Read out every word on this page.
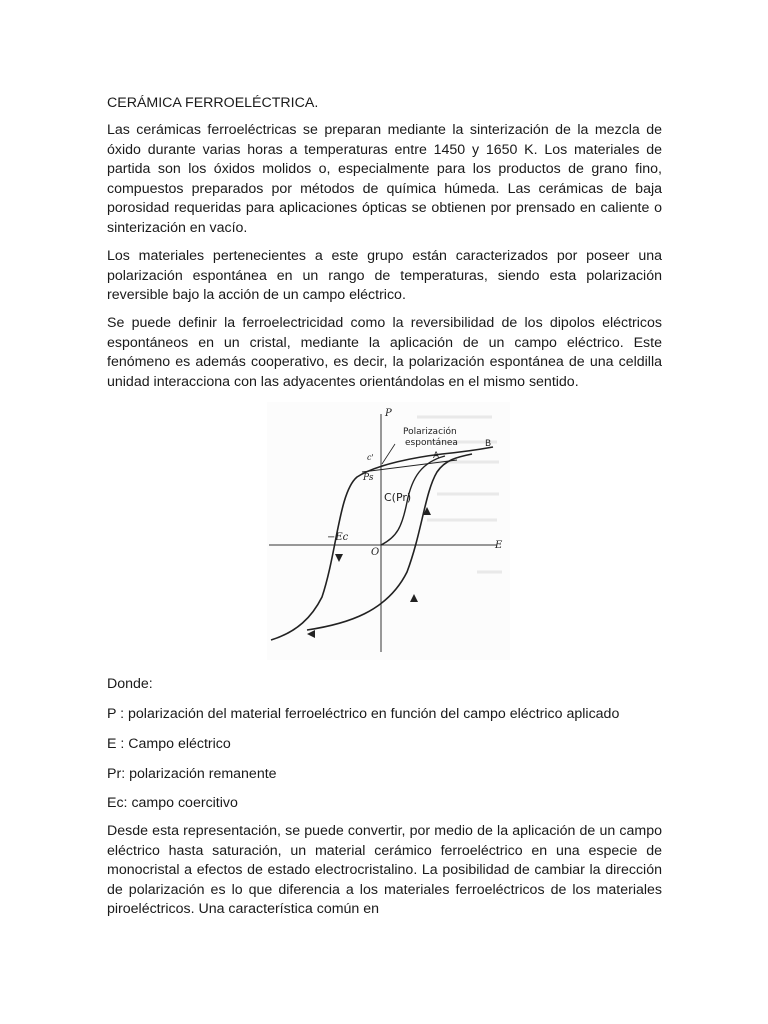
CERÁMICA FERROELÉCTRICA.

Las cerámicas ferroeléctricas se preparan mediante la sinterización de la mezcla de óxido durante varias horas a temperaturas entre 1450 y 1650 K. Los materiales de partida son los óxidos molidos o, especialmente para los productos de grano fino, compuestos preparados por métodos de química húmeda. Las cerámicas de baja porosidad requeridas para aplicaciones ópticas se obtienen por prensado en caliente o sinterización en vacío.

Los materiales pertenecientes a este grupo están caracterizados por poseer una polarización espontánea en un rango de temperaturas, siendo esta polarización reversible bajo la acción de un campo eléctrico.

Se puede definir la ferroelectricidad como la reversibilidad de los dipolos eléctricos espontáneos en un cristal, mediante la aplicación de un campo eléctrico. Este fenómeno es además cooperativo, es decir, la polarización espontánea de una celdilla unidad interacciona con las adyacentes orientándolas en el mismo sentido.

Donde:
P : polarización del material ferroeléctrico en función del campo eléctrico aplicado
E : Campo eléctrico
Pr: polarización remanente
Ec: campo coercitivo

Desde esta representación, se puede convertir, por medio de la aplicación de un campo eléctrico hasta saturación, un material cerámico ferroeléctrico en una especie de monocristal a efectos de estado electrocristalino. La posibilidad de cambiar la dirección de polarización es lo que diferencia a los materiales ferroeléctricos de los materiales piroeléctricos. Una característica común en

P
E
Polarización
espontánea	B
A
C(Pr)
Ps
−Ec
O
c'
